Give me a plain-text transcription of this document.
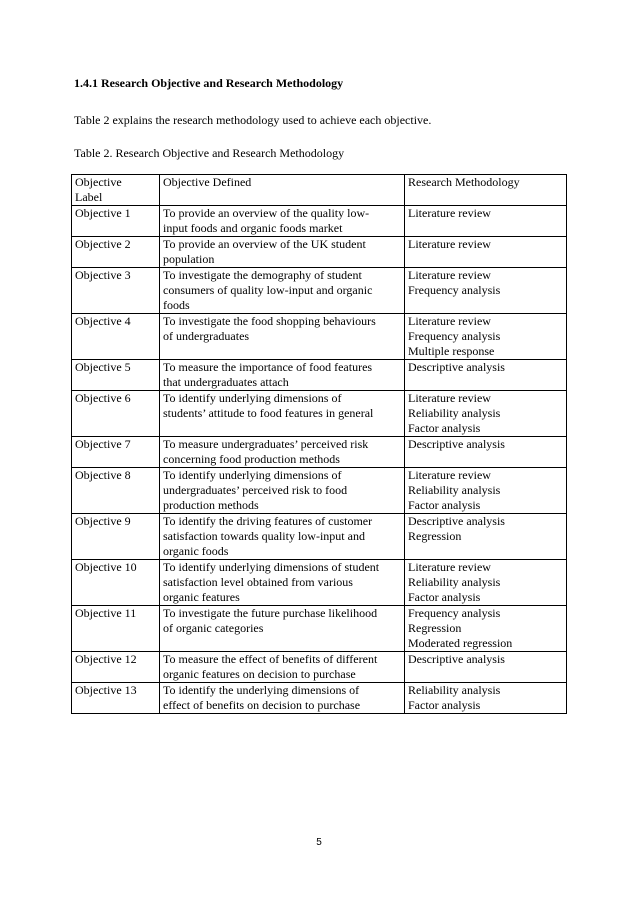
1.4.1 Research Objective and Research Methodology

Table 2 explains the research methodology used to achieve each objective.

Table 2. Research Objective and Research Methodology

Objective
Label	Objective Defined	Research Methodology

Objective 1	To provide an overview of the quality low-
input foods and organic foods market	Literature review

Objective 2	To provide an overview of the UK student
population	Literature review

Objective 3	To investigate the demography of student
consumers of quality low-input and organic
foods	Literature review
Frequency analysis

Objective 4	To investigate the food shopping behaviours
of undergraduates	Literature review
Frequency analysis
Multiple response

Objective 5	To measure the importance of food features
that undergraduates attach	Descriptive analysis

Objective 6	To identify underlying dimensions of
students’ attitude to food features in general	Literature review
Reliability analysis
Factor analysis

Objective 7	To measure undergraduates’ perceived risk
concerning food production methods	Descriptive analysis

Objective 8	To identify underlying dimensions of
undergraduates’ perceived risk to food
production methods	Literature review
Reliability analysis
Factor analysis

Objective 9	To identify the driving features of customer
satisfaction towards quality low-input and
organic foods	Descriptive analysis
Regression

Objective 10	To identify underlying dimensions of student
satisfaction level obtained from various
organic features	Literature review
Reliability analysis
Factor analysis

Objective 11	To investigate the future purchase likelihood
of organic categories	Frequency analysis
Regression
Moderated regression

Objective 12	To measure the effect of benefits of different
organic features on decision to purchase	Descriptive analysis

Objective 13	To identify the underlying dimensions of
effect of benefits on decision to purchase	Reliability analysis
Factor analysis

5
